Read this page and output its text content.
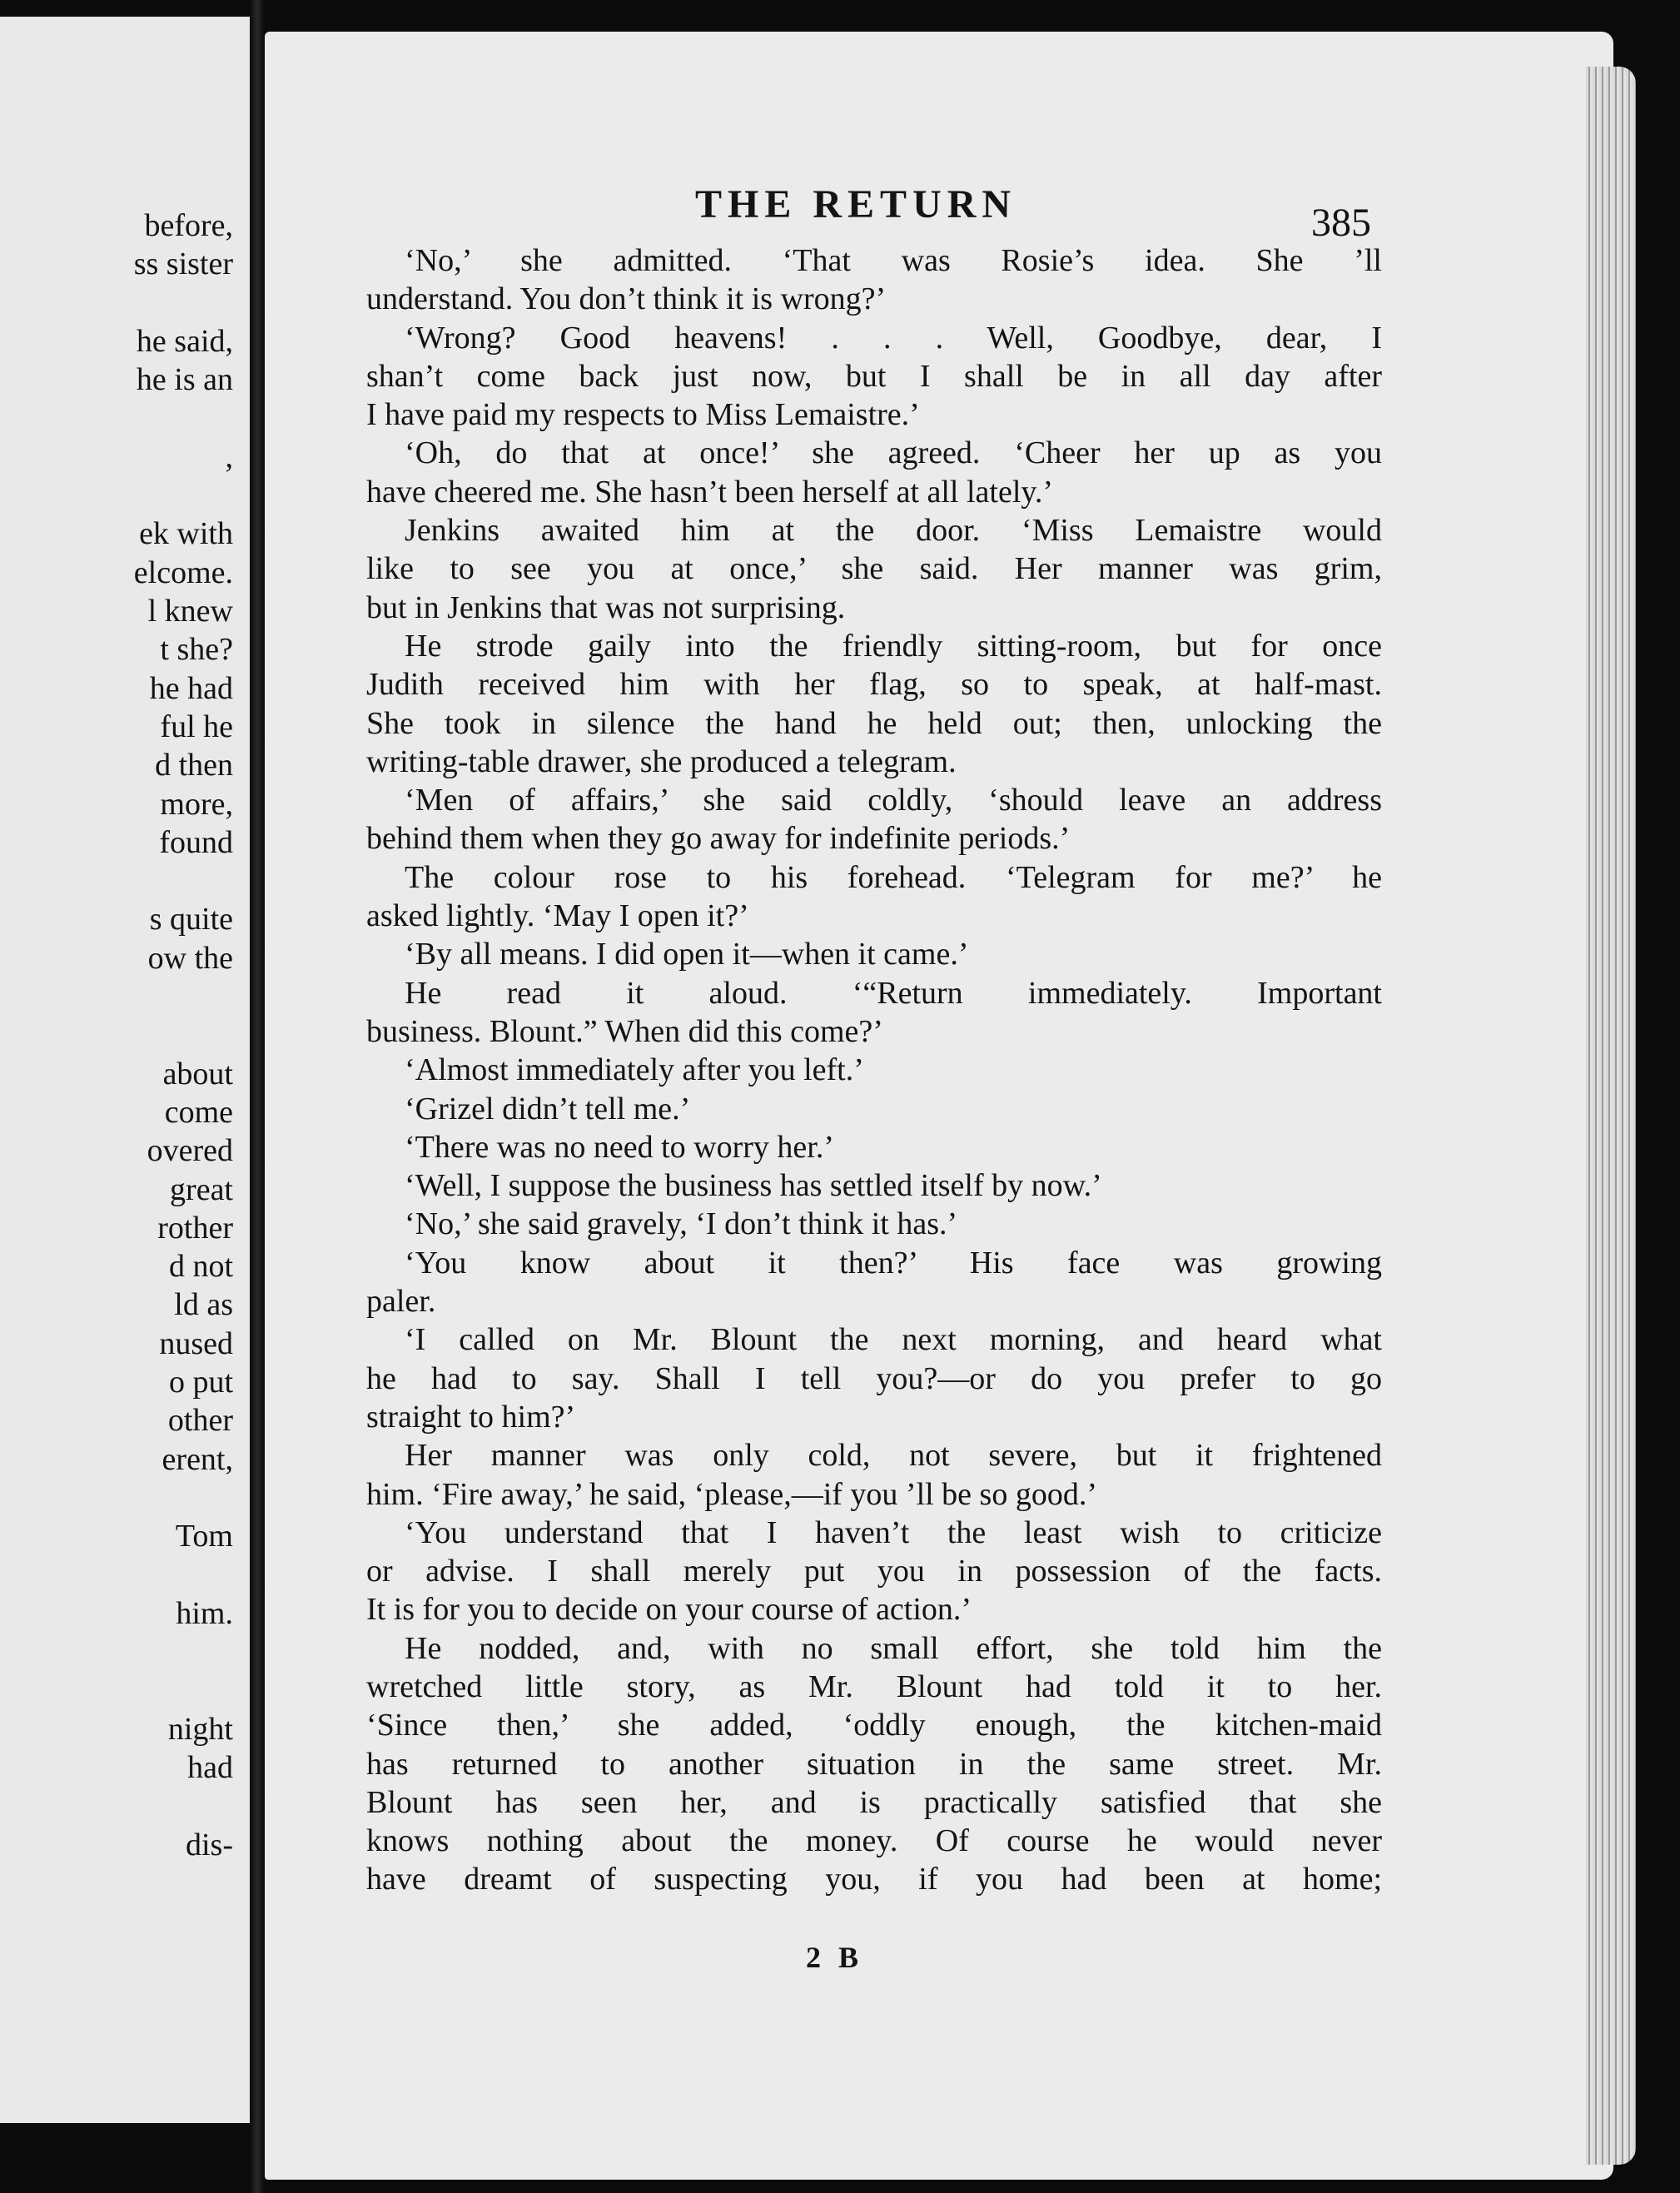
before,
ss sister
he said,
he is an
,
ek with
elcome.
l knew
t she?
he had
ful he
d then
more,
found
s quite
ow the
about
come
overed
great
rother
d not
ld as
nused
o put
other
erent,
Tom
him.
night
had
dis-
THE RETURN	385
‘No,’ she admitted. ‘That was Rosie’s idea. She ’ll
understand. You don’t think it is wrong?’
‘Wrong? Good heavens! . . . Well, Goodbye, dear, I
shan’t come back just now, but I shall be in all day after
I have paid my respects to Miss Lemaistre.’
‘Oh, do that at once!’ she agreed. ‘Cheer her up as you
have cheered me. She hasn’t been herself at all lately.’
Jenkins awaited him at the door. ‘Miss Lemaistre would
like to see you at once,’ she said. Her manner was grim,
but in Jenkins that was not surprising.
He strode gaily into the friendly sitting-room, but for once
Judith received him with her flag, so to speak, at half-mast.
She took in silence the hand he held out; then, unlocking the
writing-table drawer, she produced a telegram.
‘Men of affairs,’ she said coldly, ‘should leave an address
behind them when they go away for indefinite periods.’
The colour rose to his forehead. ‘Telegram for me?’ he
asked lightly. ‘May I open it?’
‘By all means. I did open it—when it came.’
He read it aloud. ‘“Return immediately. Important
business. Blount.” When did this come?’
‘Almost immediately after you left.’
‘Grizel didn’t tell me.’
‘There was no need to worry her.’
‘Well, I suppose the business has settled itself by now.’
‘No,’ she said gravely, ‘I don’t think it has.’
‘You know about it then?’ His face was growing
paler.
‘I called on Mr. Blount the next morning, and heard what
he had to say. Shall I tell you?—or do you prefer to go
straight to him?’
Her manner was only cold, not severe, but it frightened
him. ‘Fire away,’ he said, ‘please,—if you ’ll be so good.’
‘You understand that I haven’t the least wish to criticize
or advise. I shall merely put you in possession of the facts.
It is for you to decide on your course of action.’
He nodded, and, with no small effort, she told him the
wretched little story, as Mr. Blount had told it to her.
‘Since then,’ she added, ‘oddly enough, the kitchen-maid
has returned to another situation in the same street. Mr.
Blount has seen her, and is practically satisfied that she
knows nothing about the money. Of course he would never
have dreamt of suspecting you, if you had been at home;
2 B
